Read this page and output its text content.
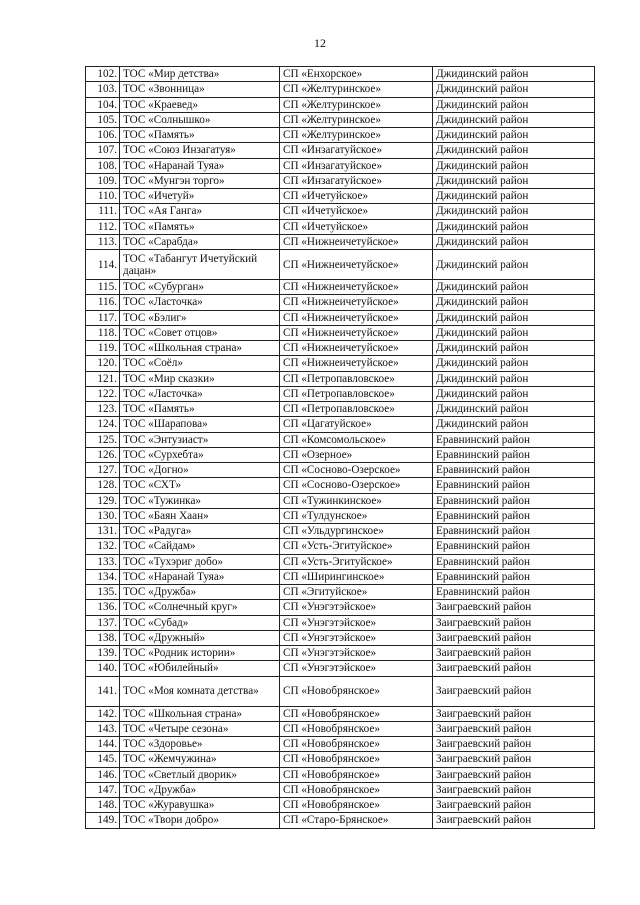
12
102.	ТОС «Мир детства»	СП «Енхорское»	Джидинский район
103.	ТОС «Звонница»	СП «Желтуринское»	Джидинский район
104.	ТОС «Краевед»	СП «Желтуринское»	Джидинский район
105.	ТОС «Солнышко»	СП «Желтуринское»	Джидинский район
106.	ТОС «Память»	СП «Желтуринское»	Джидинский район
107.	ТОС «Союз Инзагатуя»	СП «Инзагатуйское»	Джидинский район
108.	ТОС «Наранай Туяа»	СП «Инзагатуйское»	Джидинский район
109.	ТОС «Мунгэн торго»	СП «Инзагатуйское»	Джидинский район
110.	ТОС «Ичетуй»	СП «Ичетуйское»	Джидинский район
111.	ТОС «Ая Ганга»	СП «Ичетуйское»	Джидинский район
112.	ТОС «Память»	СП «Ичетуйское»	Джидинский район
113.	ТОС «Сарабда»	СП «Нижнеичетуйское»	Джидинский район
114.	ТОС «Табангут Ичетуйский дацан»	СП «Нижнеичетуйское»	Джидинский район
115.	ТОС «Субурган»	СП «Нижнеичетуйское»	Джидинский район
116.	ТОС «Ласточка»	СП «Нижнеичетуйское»	Джидинский район
117.	ТОС «Бэлиг»	СП «Нижнеичетуйское»	Джидинский район
118.	ТОС «Совет отцов»	СП «Нижнеичетуйское»	Джидинский район
119.	ТОС «Школьная страна»	СП «Нижнеичетуйское»	Джидинский район
120.	ТОС «Соёл»	СП «Нижнеичетуйское»	Джидинский район
121.	ТОС «Мир сказки»	СП «Петропавловское»	Джидинский район
122.	ТОС «Ласточка»	СП «Петропавловское»	Джидинский район
123.	ТОС «Память»	СП «Петропавловское»	Джидинский район
124.	ТОС «Шарапова»	СП «Цагатуйское»	Джидинский район
125.	ТОС «Энтузиаст»	СП «Комсомольское»	Еравнинский район
126.	ТОС «Сурхебта»	СП «Озерное»	Еравнинский район
127.	ТОС «Догно»	СП «Сосново-Озерское»	Еравнинский район
128.	ТОС «СХТ»	СП «Сосново-Озерское»	Еравнинский район
129.	ТОС «Тужинка»	СП «Тужинкинское»	Еравнинский район
130.	ТОС «Баян Хаан»	СП «Тулдунское»	Еравнинский район
131.	ТОС «Радуга»	СП «Ульдургинское»	Еравнинский район
132.	ТОС «Сайдам»	СП «Усть-Эгитуйское»	Еравнинский район
133.	ТОС «Тухэриг добо»	СП «Усть-Эгитуйское»	Еравнинский район
134.	ТОС «Наранай Туяа»	СП «Ширингинское»	Еравнинский район
135.	ТОС «Дружба»	СП «Эгитуйское»	Еравнинский район
136.	ТОС «Солнечный круг»	СП «Унэгэтэйское»	Заиграевский район
137.	ТОС «Субад»	СП «Унэгэтэйское»	Заиграевский район
138.	ТОС «Дружный»	СП «Унэгэтэйское»	Заиграевский район
139.	ТОС «Родник истории»	СП «Унэгэтэйское»	Заиграевский район
140.	ТОС «Юбилейный»	СП «Унэгэтэйское»	Заиграевский район
141.	ТОС «Моя комната детства»	СП «Новобрянское»	Заиграевский район
142.	ТОС «Школьная страна»	СП «Новобрянское»	Заиграевский район
143.	ТОС «Четыре сезона»	СП «Новобрянское»	Заиграевский район
144.	ТОС «Здоровье»	СП «Новобрянское»	Заиграевский район
145.	ТОС «Жемчужина»	СП «Новобрянское»	Заиграевский район
146.	ТОС «Светлый дворик»	СП «Новобрянское»	Заиграевский район
147.	ТОС «Дружба»	СП «Новобрянское»	Заиграевский район
148.	ТОС «Журавушка»	СП «Новобрянское»	Заиграевский район
149.	ТОС «Твори добро»	СП «Старо-Брянское»	Заиграевский район
